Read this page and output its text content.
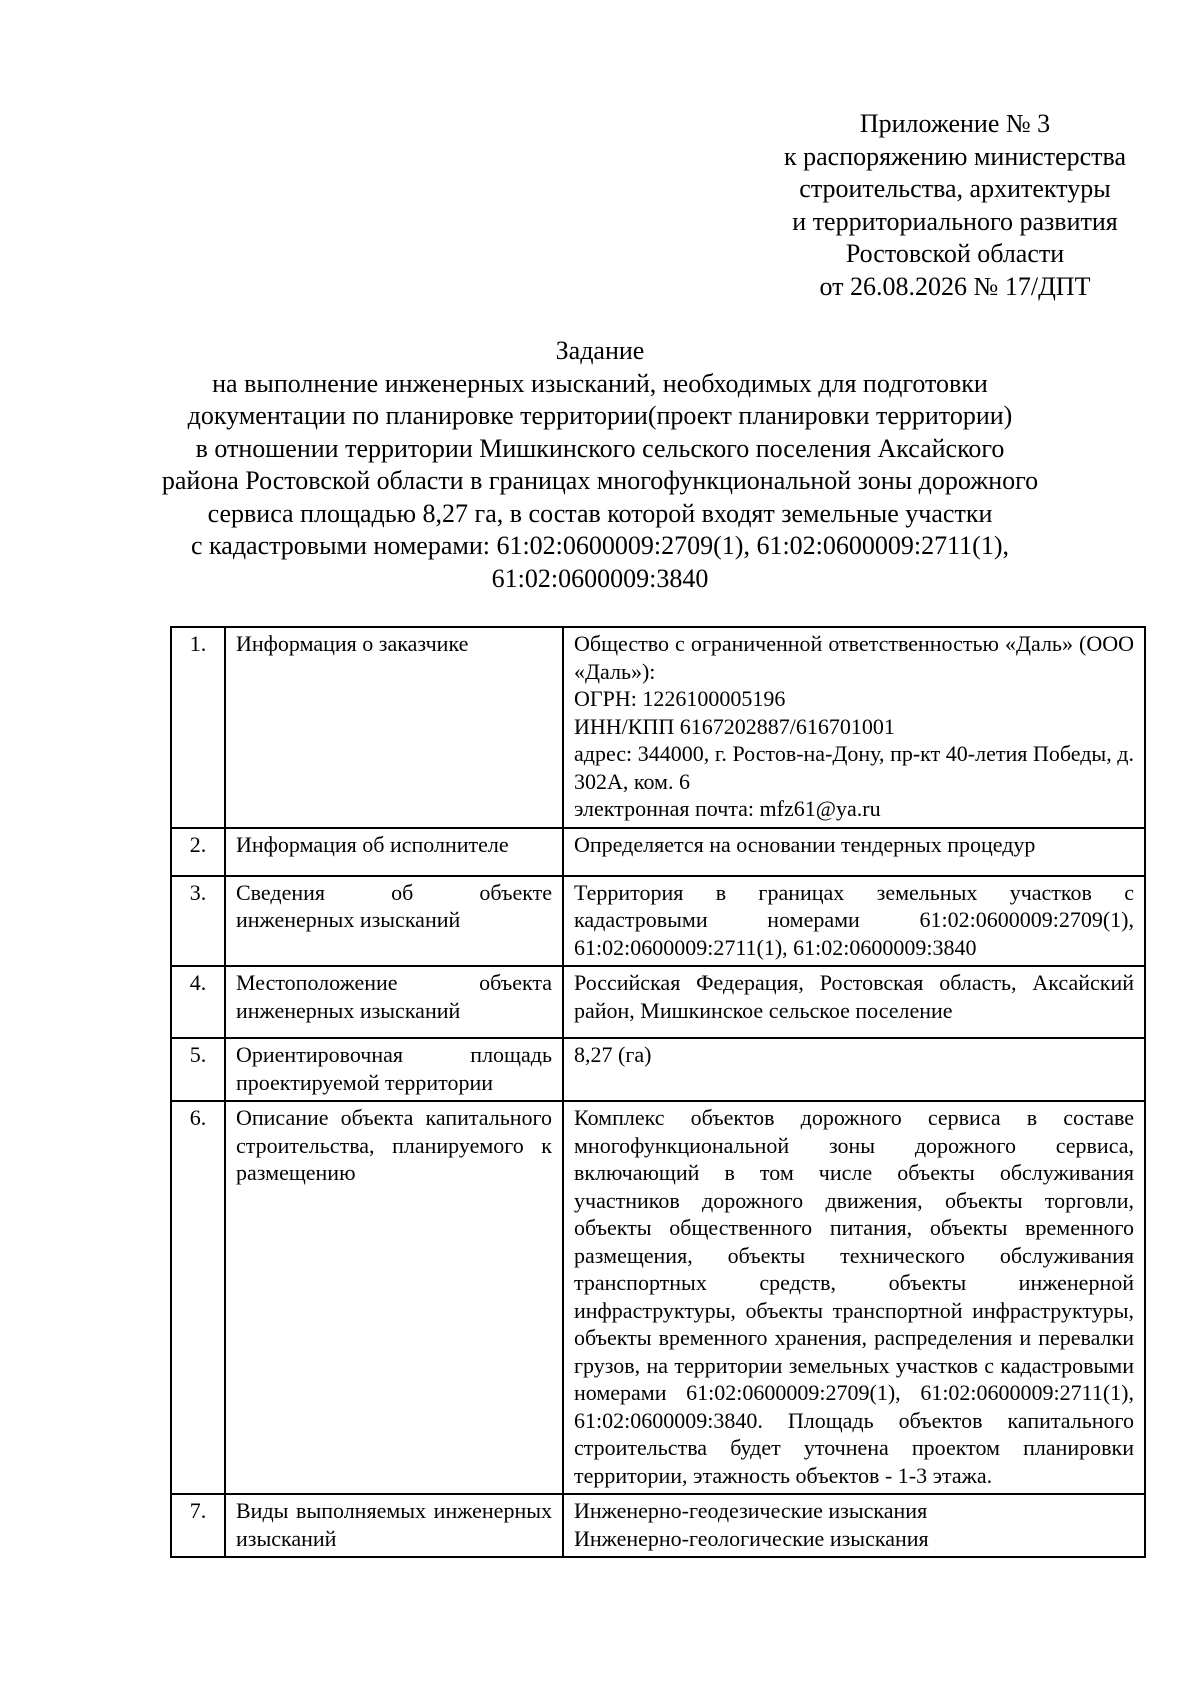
Приложение № 3
к распоряжению министерства
строительства, архитектуры
и территориального развития
Ростовской области
от 26.08.2026 № 17/ДПТ
Задание
на выполнение инженерных изысканий, необходимых для подготовки
документации по планировке территории(проект планировки территории)
в отношении территории Мишкинского сельского поселения Аксайского
района Ростовской области в границах многофункциональной зоны дорожного
сервиса площадью 8,27 га, в состав которой входят земельные участки
с кадастровыми номерами: 61:02:0600009:2709(1), 61:02:0600009:2711(1),
61:02:0600009:3840
1.	Информация о заказчике	Общество с ограниченной ответственностью «Даль» (ООО «Даль»):
ОГРН: 1226100005196
ИНН/КПП 6167202887/616701001
адрес: 344000, г. Ростов-на-Дону, пр-кт 40-летия Победы, д. 302А, ком. 6
электронная почта: mfz61@ya.ru

2.	Информация об исполнителе	Определяется на основании тендерных процедур

3.	Сведения об объекте инженерных изысканий	Территория в границах земельных участков с кадастровыми номерами 61:02:0600009:2709(1), 61:02:0600009:2711(1), 61:02:0600009:3840

4.	Местоположение объекта инженерных изысканий	Российская Федерация, Ростовская область, Аксайский район, Мишкинское сельское поселение

5.	Ориентировочная площадь проектируемой территории	8,27 (га)

6.	Описание объекта капитального строительства, планируемого к размещению	Комплекс объектов дорожного сервиса в составе многофункциональной зоны дорожного сервиса, включающий в том числе объекты обслуживания участников дорожного движения, объекты торговли, объекты общественного питания, объекты временного размещения, объекты технического обслуживания транспортных средств, объекты инженерной инфраструктуры, объекты транспортной инфраструктуры, объекты временного хранения, распределения и перевалки грузов, на территории земельных участков с кадастровыми номерами 61:02:0600009:2709(1), 61:02:0600009:2711(1), 61:02:0600009:3840. Площадь объектов капитального строительства будет уточнена проектом планировки территории, этажность объектов - 1-3 этажа.

7.	Виды выполняемых инженерных изысканий	Инженерно-геодезические изыскания
Инженерно-геологические изыскания
